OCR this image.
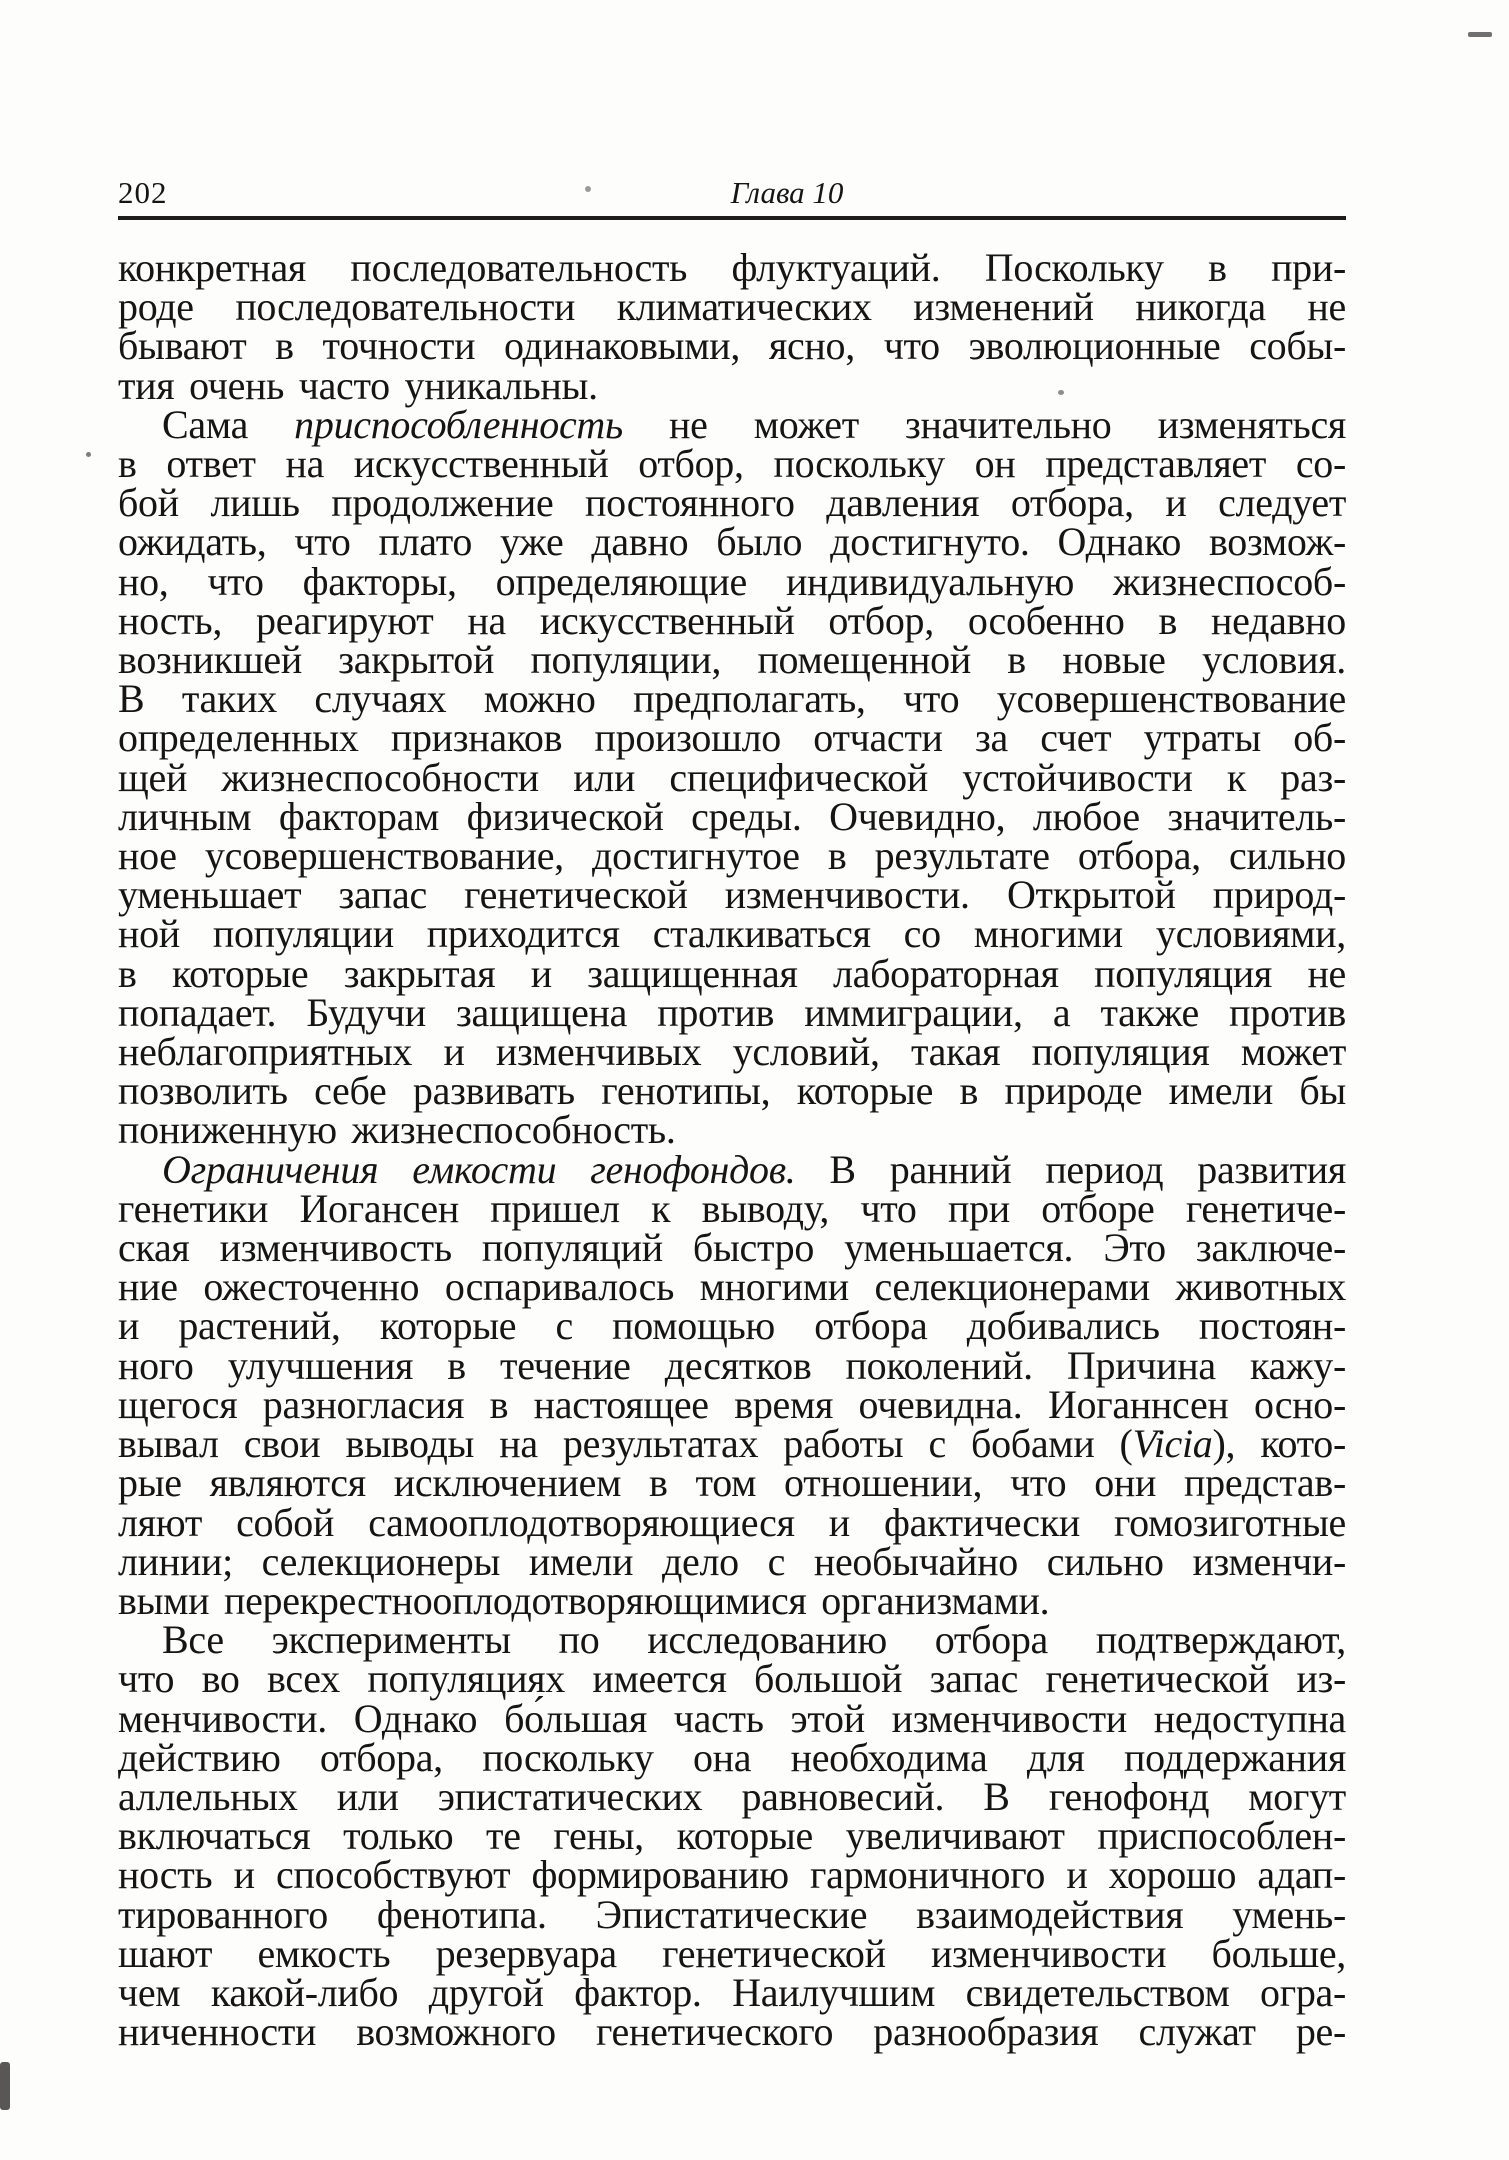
202	Глава 10
конкретная последовательность флуктуаций. Поскольку в при-
роде последовательности климатических изменений никогда не
бывают в точности одинаковыми, ясно, что эволюционные собы-
тия очень часто уникальны.
Сама приспособленность не может значительно изменяться
в ответ на искусственный отбор, поскольку он представляет со-
бой лишь продолжение постоянного давления отбора, и следует
ожидать, что плато уже давно было достигнуто. Однако возмож-
но, что факторы, определяющие индивидуальную жизнеспособ-
ность, реагируют на искусственный отбор, особенно в недавно
возникшей закрытой популяции, помещенной в новые условия.
В таких случаях можно предполагать, что усовершенствование
определенных признаков произошло отчасти за счет утраты об-
щей жизнеспособности или специфической устойчивости к раз-
личным факторам физической среды. Очевидно, любое значитель-
ное усовершенствование, достигнутое в результате отбора, сильно
уменьшает запас генетической изменчивости. Открытой природ-
ной популяции приходится сталкиваться со многими условиями,
в которые закрытая и защищенная лабораторная популяция не
попадает. Будучи защищена против иммиграции, а также против
неблагоприятных и изменчивых условий, такая популяция может
позволить себе развивать генотипы, которые в природе имели бы
пониженную жизнеспособность.
Ограничения емкости генофондов. В ранний период развития
генетики Иогансен пришел к выводу, что при отборе генетиче-
ская изменчивость популяций быстро уменьшается. Это заключе-
ние ожесточенно оспаривалось многими селекционерами животных
и растений, которые с помощью отбора добивались постоян-
ного улучшения в течение десятков поколений. Причина кажу-
щегося разногласия в настоящее время очевидна. Иоганнсен осно-
вывал свои выводы на результатах работы с бобами (Vicia), кото-
рые являются исключением в том отношении, что они представ-
ляют собой самооплодотворяющиеся и фактически гомозиготные
линии; селекционеры имели дело с необычайно сильно изменчи-
выми перекрестнооплодотворяющимися организмами.
Все эксперименты по исследованию отбора подтверждают,
что во всех популяциях имеется большой запас генетической из-
менчивости. Однако бо́льшая часть этой изменчивости недоступна
действию отбора, поскольку она необходима для поддержания
аллельных или эпистатических равновесий. В генофонд могут
включаться только те гены, которые увеличивают приспособлен-
ность и способствуют формированию гармоничного и хорошо адап-
тированного фенотипа. Эпистатические взаимодействия умень-
шают емкость резервуара генетической изменчивости больше,
чем какой-либо другой фактор. Наилучшим свидетельством огра-
ниченности возможного генетического разнообразия служат ре-
